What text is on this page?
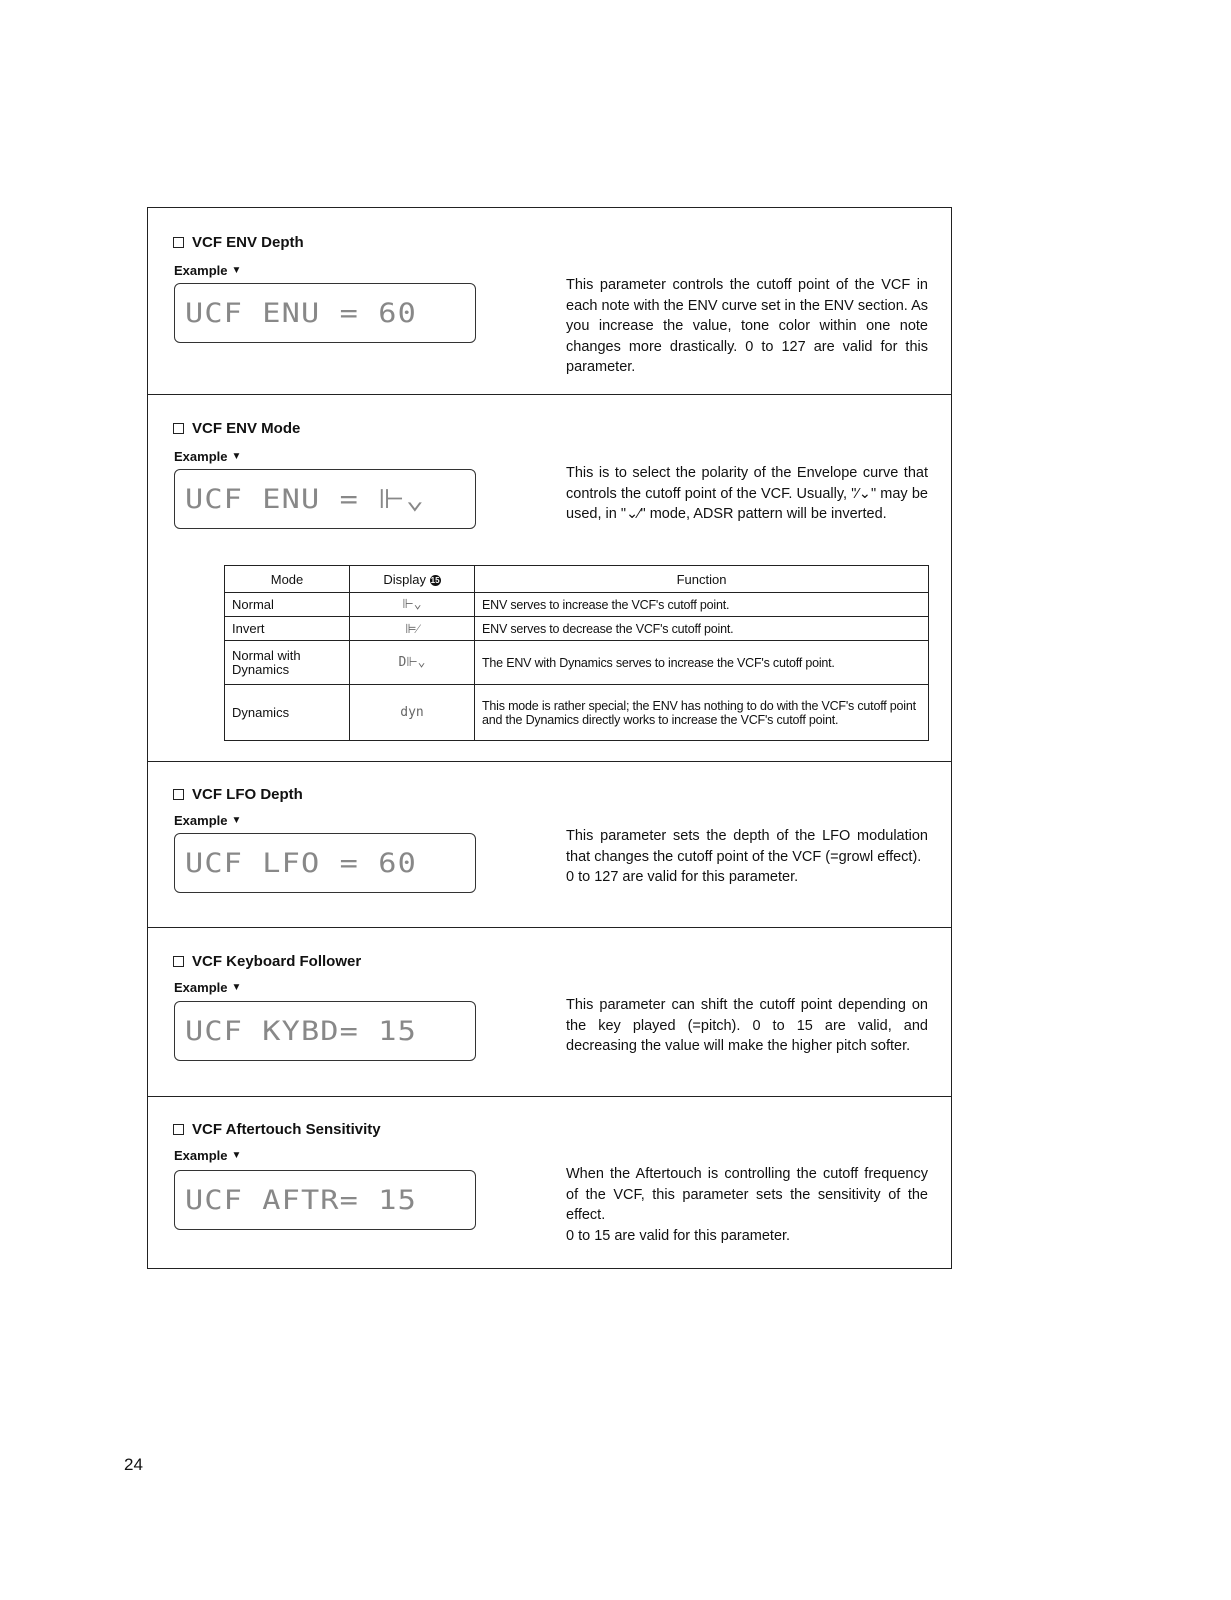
VCF ENV Depth
Example ▼
UCF ENU = 60

This parameter controls the cutoff point of the VCF in each note with the ENV curve set in the ENV section. As you increase the value, tone color within one note changes more drastically. 0 to 127 are valid for this parameter.

VCF ENV Mode
Example ▼
UCF ENU = ⊩⌄

This is to select the polarity of the Envelope curve that controls the cutoff point of the VCF. Usually, "⁄⌄" may be used, in "⌄⁄" mode, ADSR pattern will be inverted.

Mode	Display 15	Function
Normal	⊩⌄	ENV serves to increase the VCF's cutoff point.
Invert	⊫⁄	ENV serves to decrease the VCF's cutoff point.
Normal with Dynamics	D⊩⌄	The ENV with Dynamics serves to increase the VCF's cutoff point.
Dynamics	dyn	This mode is rather special; the ENV has nothing to do with the VCF's cutoff point and the Dynamics directly works to increase the VCF's cutoff point.
VCF LFO Depth
Example ▼
UCF LFO = 60

This parameter sets the depth of the LFO modulation that changes the cutoff point of the VCF (=growl effect).

0 to 127 are valid for this parameter.

VCF Keyboard Follower
Example ▼
UCF KYBD= 15

This parameter can shift the cutoff point depending on the key played (=pitch). 0 to 15 are valid, and decreasing the value will make the higher pitch softer.

VCF Aftertouch Sensitivity
Example ▼
UCF AFTR= 15

When the Aftertouch is controlling the cutoff frequency of the VCF, this parameter sets the sensitivity of the effect.

0 to 15 are valid for this parameter.

24
